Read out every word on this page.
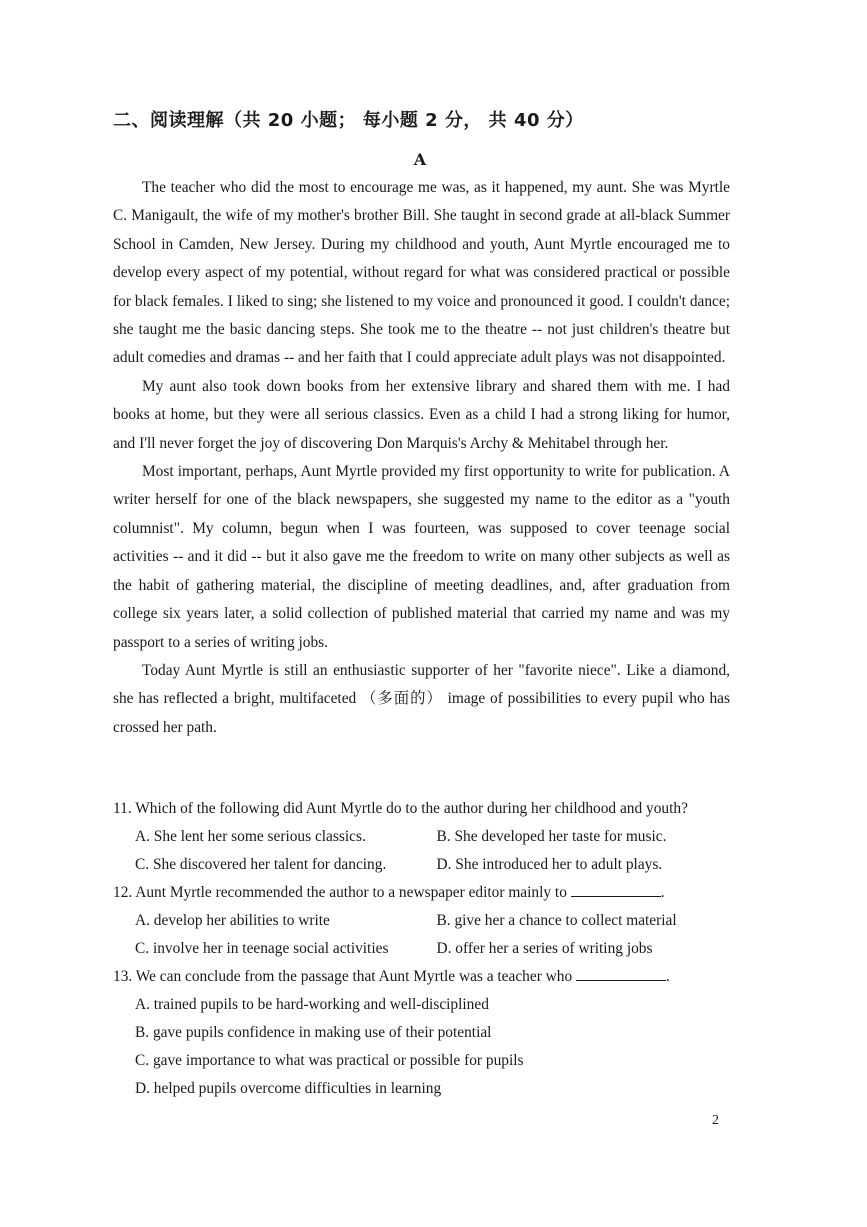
二、阅读理解（共 20 小题； 每小题 2 分， 共 40 分）
A

The teacher who did the most to encourage me was, as it happened, my aunt. She was Myrtle C. Manigault, the wife of my mother's brother Bill. She taught in second grade at all-black Summer School in Camden, New Jersey. During my childhood and youth, Aunt Myrtle encouraged me to develop every aspect of my potential, without regard for what was considered practical or possible for black females. I liked to sing; she listened to my voice and pronounced it good. I couldn't dance; she taught me the basic dancing steps. She took me to the theatre -- not just children's theatre but adult comedies and dramas -- and her faith that I could appreciate adult plays was not disappointed.

My aunt also took down books from her extensive library and shared them with me. I had books at home, but they were all serious classics. Even as a child I had a strong liking for humor, and I'll never forget the joy of discovering Don Marquis's Archy & Mehitabel through her.

Most important, perhaps, Aunt Myrtle provided my first opportunity to write for publication. A writer herself for one of the black newspapers, she suggested my name to the editor as a "youth columnist". My column, begun when I was fourteen, was supposed to cover teenage social activities -- and it did -- but it also gave me the freedom to write on many other subjects as well as the habit of gathering material, the discipline of meeting deadlines, and, after graduation from college six years later, a solid collection of published material that carried my name and was my passport to a series of writing jobs.

Today Aunt Myrtle is still an enthusiastic supporter of her "favorite niece". Like a diamond, she has reflected a bright, multifaceted （多面的） image of possibilities to every pupil who has crossed her path.

11. Which of the following did Aunt Myrtle do to the author during her childhood and youth?
A. She lent her some serious classics.	B. She developed her taste for music.
C. She discovered her talent for dancing.	D. She introduced her to adult plays.
12. Aunt Myrtle recommended the author to a newspaper editor mainly to	.
A. develop her abilities to write	B. give her a chance to collect material
C. involve her in teenage social activities	D. offer her a series of writing jobs
13. We can conclude from the passage that Aunt Myrtle was a teacher who	.
A. trained pupils to be hard-working and well-disciplined
B. gave pupils confidence in making use of their potential
C. gave importance to what was practical or possible for pupils
D. helped pupils overcome difficulties in learning
2
